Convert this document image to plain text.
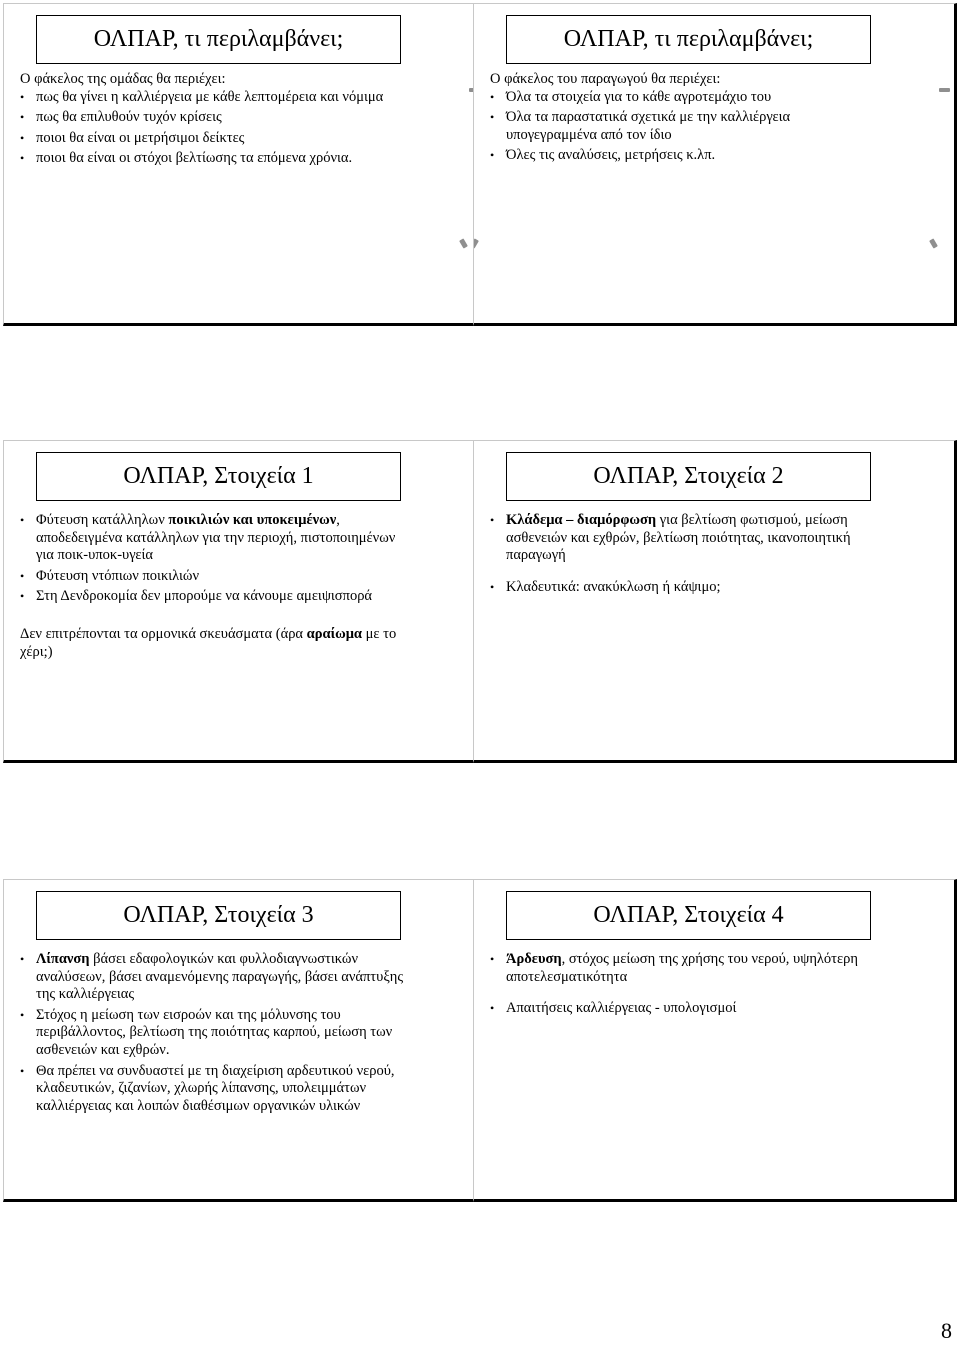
ΟΛΠΑΡ, τι περιλαμβάνει;

Ο φάκελος της ομάδας θα περιέχει:

• πως θα γίνει η καλλιέργεια με κάθε λεπτομέρεια και νόμιμα
• πως θα επιλυθούν τυχόν κρίσεις
• ποιοι θα είναι οι μετρήσιμοι δείκτες
• ποιοι θα είναι οι στόχοι βελτίωσης τα επόμενα χρόνια.
ΟΛΠΑΡ, τι περιλαμβάνει;

Ο φάκελος του παραγωγού θα περιέχει:

• Όλα τα στοιχεία για το κάθε αγροτεμάχιο του
• Όλα τα παραστατικά σχετικά με την καλλιέργεια υπογεγραμμένα από τον ίδιο
• Όλες τις αναλύσεις, μετρήσεις κ.λπ.
ΟΛΠΑΡ, Στοιχεία 1
• Φύτευση κατάλληλων ποικιλιών και υποκειμένων, αποδεδειγμένα κατάλληλων για την περιοχή, πιστοποιημένων για ποικ-υποκ-υγεία
• Φύτευση ντόπιων ποικιλιών
• Στη Δενδροκομία δεν μπορούμε να κάνουμε αμειψισπορά

Δεν επιτρέπονται τα ορμονικά σκευάσματα (άρα αραίωμα με το χέρι;)

ΟΛΠΑΡ, Στοιχεία 2
• Κλάδεμα – διαμόρφωση για βελτίωση φωτισμού, μείωση ασθενειών και εχθρών, βελτίωση ποιότητας, ικανοποιητική παραγωγή
• Κλαδευτικά: ανακύκλωση ή κάψιμο;
ΟΛΠΑΡ, Στοιχεία 3
• Λίπανση βάσει εδαφολογικών και φυλλοδιαγνωστικών αναλύσεων, βάσει αναμενόμενης παραγωγής, βάσει ανάπτυξης της καλλιέργειας
• Στόχος η μείωση των εισροών και της μόλυνσης του περιβάλλοντος, βελτίωση της ποιότητας καρπού, μείωση των ασθενειών και εχθρών.
• Θα πρέπει να συνδυαστεί με τη διαχείριση αρδευτικού νερού, κλαδευτικών, ζιζανίων, χλωρής λίπανσης, υπολειμμάτων καλλιέργειας και λοιπών διαθέσιμων οργανικών υλικών
ΟΛΠΑΡ, Στοιχεία 4
• Άρδευση, στόχος μείωση της χρήσης του νερού, υψηλότερη αποτελεσματικότητα
• Απαιτήσεις καλλιέργειας - υπολογισμοί
8
